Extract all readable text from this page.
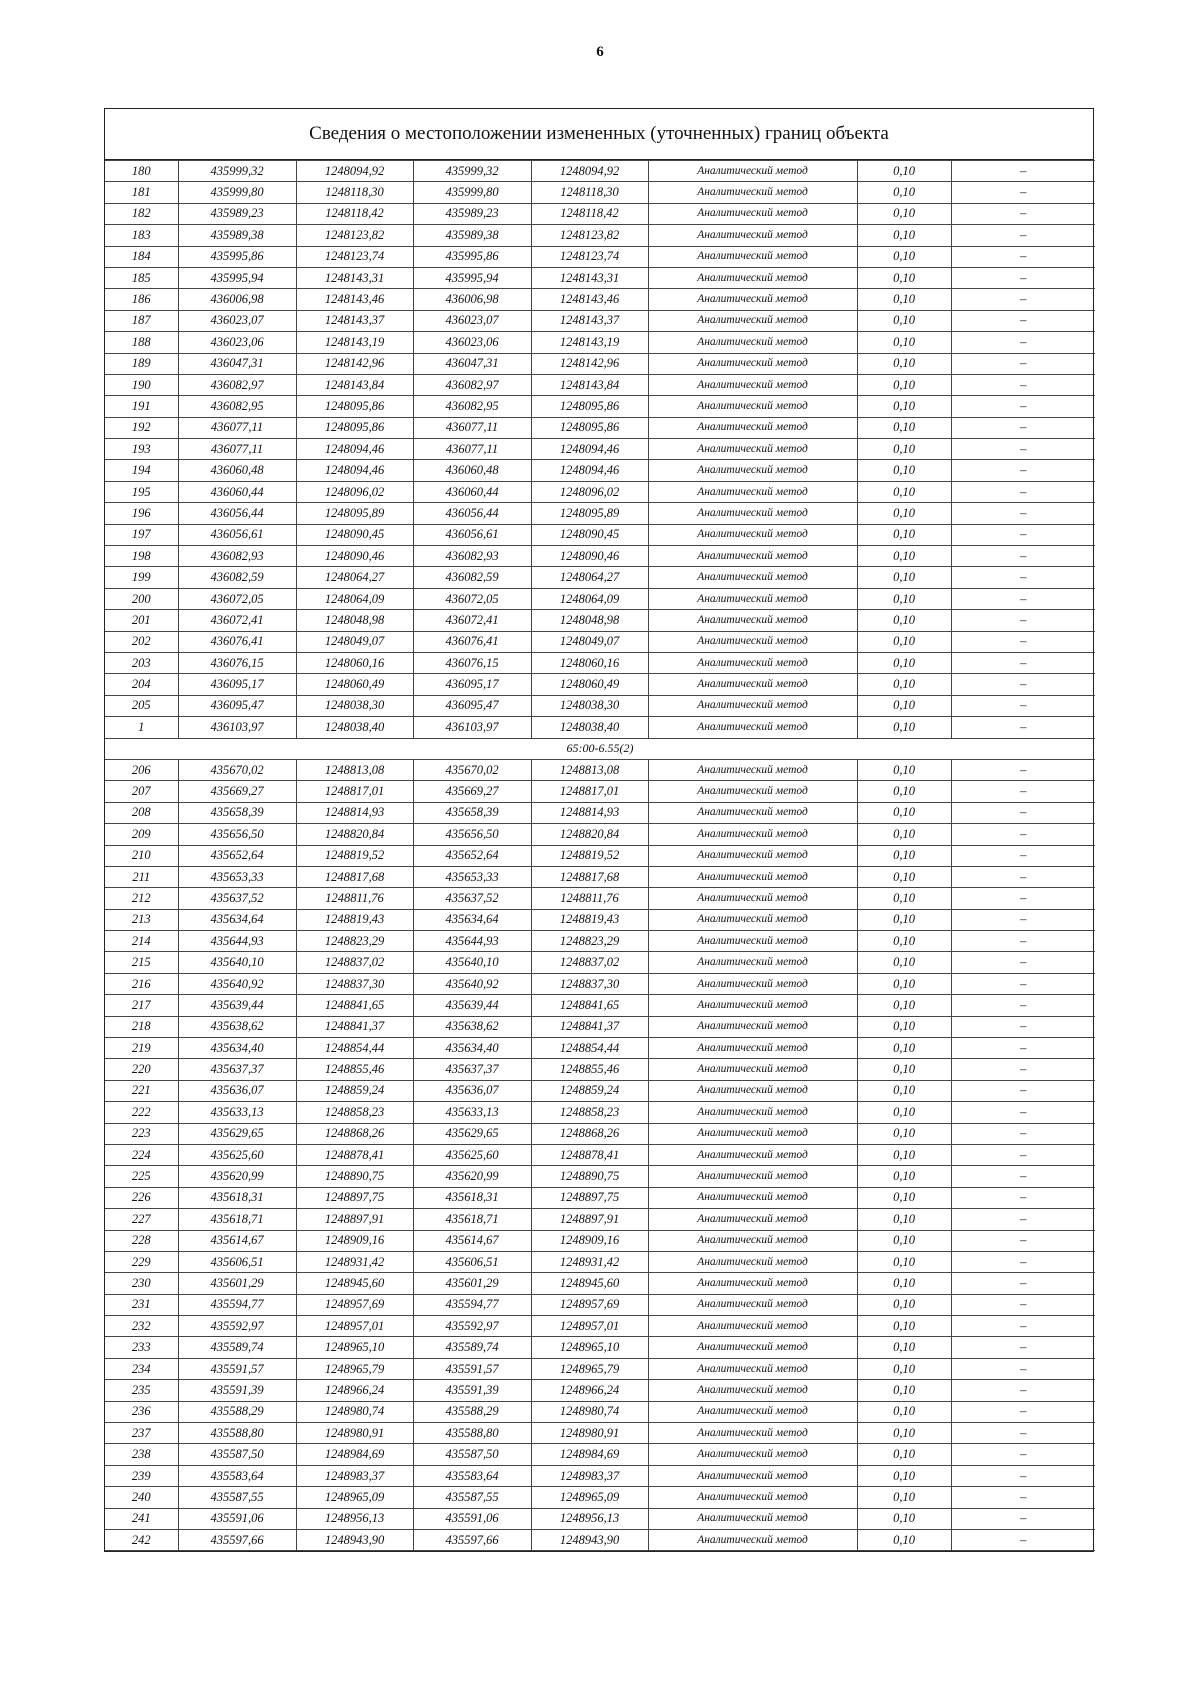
6
Сведения о местоположении измененных (уточненных) границ объекта
180	435999,32	1248094,92	435999,32	1248094,92	Аналитический метод	0,10	–
181	435999,80	1248118,30	435999,80	1248118,30	Аналитический метод	0,10	–
182	435989,23	1248118,42	435989,23	1248118,42	Аналитический метод	0,10	–
183	435989,38	1248123,82	435989,38	1248123,82	Аналитический метод	0,10	–
184	435995,86	1248123,74	435995,86	1248123,74	Аналитический метод	0,10	–
185	435995,94	1248143,31	435995,94	1248143,31	Аналитический метод	0,10	–
186	436006,98	1248143,46	436006,98	1248143,46	Аналитический метод	0,10	–
187	436023,07	1248143,37	436023,07	1248143,37	Аналитический метод	0,10	–
188	436023,06	1248143,19	436023,06	1248143,19	Аналитический метод	0,10	–
189	436047,31	1248142,96	436047,31	1248142,96	Аналитический метод	0,10	–
190	436082,97	1248143,84	436082,97	1248143,84	Аналитический метод	0,10	–
191	436082,95	1248095,86	436082,95	1248095,86	Аналитический метод	0,10	–
192	436077,11	1248095,86	436077,11	1248095,86	Аналитический метод	0,10	–
193	436077,11	1248094,46	436077,11	1248094,46	Аналитический метод	0,10	–
194	436060,48	1248094,46	436060,48	1248094,46	Аналитический метод	0,10	–
195	436060,44	1248096,02	436060,44	1248096,02	Аналитический метод	0,10	–
196	436056,44	1248095,89	436056,44	1248095,89	Аналитический метод	0,10	–
197	436056,61	1248090,45	436056,61	1248090,45	Аналитический метод	0,10	–
198	436082,93	1248090,46	436082,93	1248090,46	Аналитический метод	0,10	–
199	436082,59	1248064,27	436082,59	1248064,27	Аналитический метод	0,10	–
200	436072,05	1248064,09	436072,05	1248064,09	Аналитический метод	0,10	–
201	436072,41	1248048,98	436072,41	1248048,98	Аналитический метод	0,10	–
202	436076,41	1248049,07	436076,41	1248049,07	Аналитический метод	0,10	–
203	436076,15	1248060,16	436076,15	1248060,16	Аналитический метод	0,10	–
204	436095,17	1248060,49	436095,17	1248060,49	Аналитический метод	0,10	–
205	436095,47	1248038,30	436095,47	1248038,30	Аналитический метод	0,10	–
1	436103,97	1248038,40	436103,97	1248038,40	Аналитический метод	0,10	–
65:00-6.55(2)							
206	435670,02	1248813,08	435670,02	1248813,08	Аналитический метод	0,10	–
207	435669,27	1248817,01	435669,27	1248817,01	Аналитический метод	0,10	–
208	435658,39	1248814,93	435658,39	1248814,93	Аналитический метод	0,10	–
209	435656,50	1248820,84	435656,50	1248820,84	Аналитический метод	0,10	–
210	435652,64	1248819,52	435652,64	1248819,52	Аналитический метод	0,10	–
211	435653,33	1248817,68	435653,33	1248817,68	Аналитический метод	0,10	–
212	435637,52	1248811,76	435637,52	1248811,76	Аналитический метод	0,10	–
213	435634,64	1248819,43	435634,64	1248819,43	Аналитический метод	0,10	–
214	435644,93	1248823,29	435644,93	1248823,29	Аналитический метод	0,10	–
215	435640,10	1248837,02	435640,10	1248837,02	Аналитический метод	0,10	–
216	435640,92	1248837,30	435640,92	1248837,30	Аналитический метод	0,10	–
217	435639,44	1248841,65	435639,44	1248841,65	Аналитический метод	0,10	–
218	435638,62	1248841,37	435638,62	1248841,37	Аналитический метод	0,10	–
219	435634,40	1248854,44	435634,40	1248854,44	Аналитический метод	0,10	–
220	435637,37	1248855,46	435637,37	1248855,46	Аналитический метод	0,10	–
221	435636,07	1248859,24	435636,07	1248859,24	Аналитический метод	0,10	–
222	435633,13	1248858,23	435633,13	1248858,23	Аналитический метод	0,10	–
223	435629,65	1248868,26	435629,65	1248868,26	Аналитический метод	0,10	–
224	435625,60	1248878,41	435625,60	1248878,41	Аналитический метод	0,10	–
225	435620,99	1248890,75	435620,99	1248890,75	Аналитический метод	0,10	–
226	435618,31	1248897,75	435618,31	1248897,75	Аналитический метод	0,10	–
227	435618,71	1248897,91	435618,71	1248897,91	Аналитический метод	0,10	–
228	435614,67	1248909,16	435614,67	1248909,16	Аналитический метод	0,10	–
229	435606,51	1248931,42	435606,51	1248931,42	Аналитический метод	0,10	–
230	435601,29	1248945,60	435601,29	1248945,60	Аналитический метод	0,10	–
231	435594,77	1248957,69	435594,77	1248957,69	Аналитический метод	0,10	–
232	435592,97	1248957,01	435592,97	1248957,01	Аналитический метод	0,10	–
233	435589,74	1248965,10	435589,74	1248965,10	Аналитический метод	0,10	–
234	435591,57	1248965,79	435591,57	1248965,79	Аналитический метод	0,10	–
235	435591,39	1248966,24	435591,39	1248966,24	Аналитический метод	0,10	–
236	435588,29	1248980,74	435588,29	1248980,74	Аналитический метод	0,10	–
237	435588,80	1248980,91	435588,80	1248980,91	Аналитический метод	0,10	–
238	435587,50	1248984,69	435587,50	1248984,69	Аналитический метод	0,10	–
239	435583,64	1248983,37	435583,64	1248983,37	Аналитический метод	0,10	–
240	435587,55	1248965,09	435587,55	1248965,09	Аналитический метод	0,10	–
241	435591,06	1248956,13	435591,06	1248956,13	Аналитический метод	0,10	–
242	435597,66	1248943,90	435597,66	1248943,90	Аналитический метод	0,10	–
